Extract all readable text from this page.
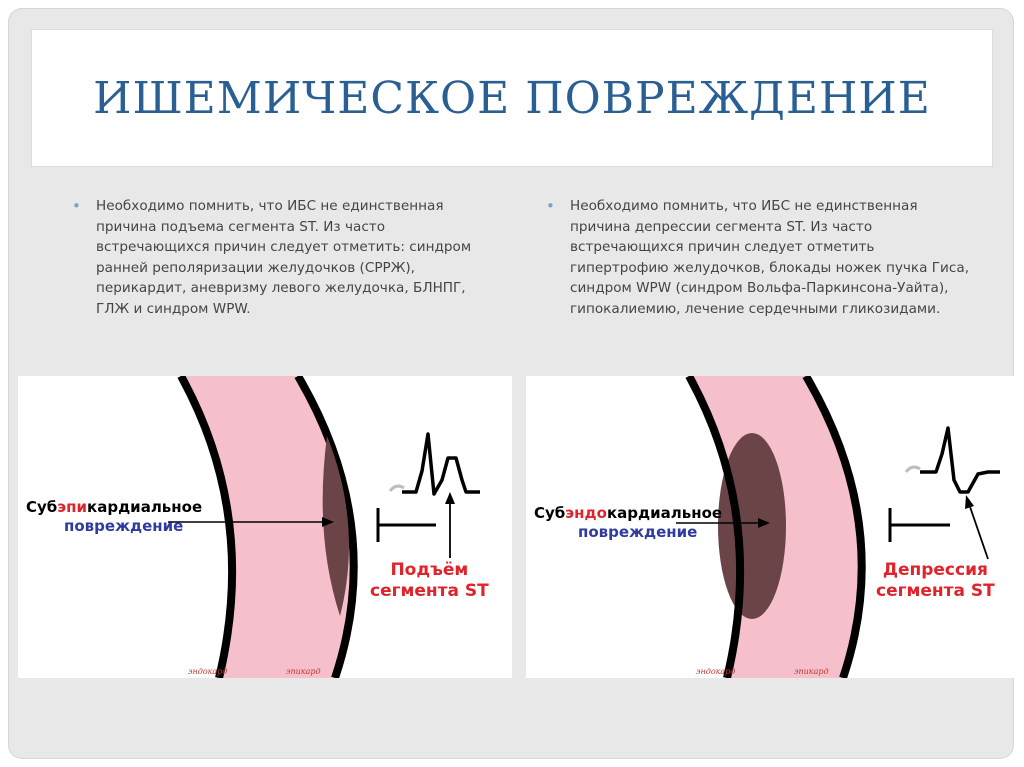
ИШЕМИЧЕСКОЕ ПОВРЕЖДЕНИЕ
• Необходимо помнить, что ИБС не единственная причина подъема сегмента ST. Из часто встречающихся причин следует отметить: синдром ранней реполяризации желудочков (СРРЖ), перикардит, аневризму левого желудочка, БЛНПГ, ГЛЖ и синдром WPW.
• Необходимо помнить, что ИБС не единственная причина депрессии сегмента ST. Из часто встречающихся причин следует отметить гипертрофию желудочков, блокады ножек пучка Гиса, синдром WPW (синдром Вольфа-Паркинсона-Уайта), гипокалиемию, лечение сердечными гликозидами.
Субэпикардиальное
повреждение
Подъём
сегмента ST
эндокард	эпикард
Субэндокардиальное
повреждение
Депрессия
сегмента ST
эндокард	эпикард
